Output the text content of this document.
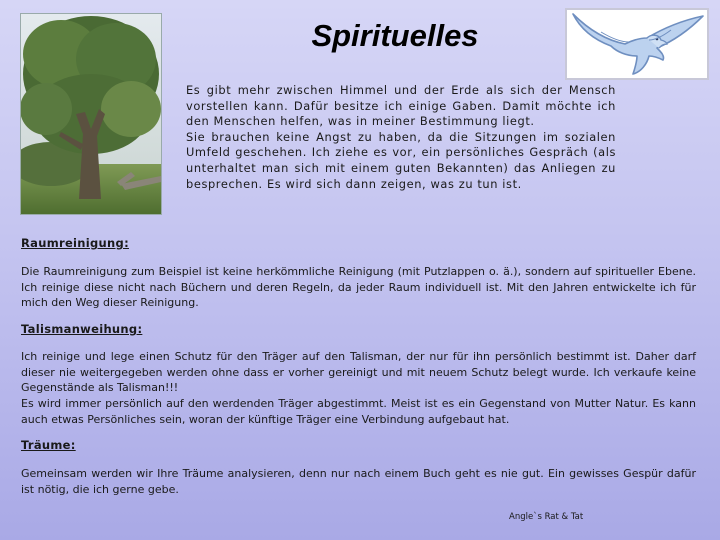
Spirituelles
Es gibt mehr zwischen Himmel und der Erde als sich der Mensch vorstellen kann. Dafür besitze ich einige Gaben. Damit möchte ich den Menschen helfen, was in meiner Bestimmung liegt.
Sie brauchen keine Angst zu haben, da die Sitzungen im sozialen Umfeld geschehen. Ich ziehe es vor, ein persönliches Gespräch (als unterhaltet man sich mit einem guten Bekannten) das Anliegen zu besprechen. Es wird sich dann zeigen, was zu tun ist.
Raumreinigung:
Die Raumreinigung zum Beispiel ist keine herkömmliche Reinigung (mit Putzlappen o. ä.), sondern auf spiritueller Ebene. Ich reinige diese nicht nach Büchern und deren Regeln, da jeder Raum individuell ist. Mit den Jahren entwickelte ich für mich den Weg dieser Reinigung.
Talismanweihung:
Ich reinige und lege einen Schutz für den Träger auf den Talisman, der nur für ihn persönlich bestimmt ist. Daher darf dieser nie weitergegeben werden ohne dass er vorher gereinigt und mit neuem Schutz belegt wurde. Ich verkaufe keine Gegenstände als Talisman!!!
Es wird immer persönlich auf den werdenden Träger abgestimmt. Meist ist es ein Gegenstand von Mutter Natur. Es kann auch etwas Persönliches sein, woran der künftige Träger eine Verbindung aufgebaut hat.
Träume:
Gemeinsam werden wir Ihre Träume analysieren, denn nur nach einem Buch geht es nie gut. Ein gewisses Gespür dafür ist nötig, die ich gerne gebe.
Angle`s Rat & Tat
